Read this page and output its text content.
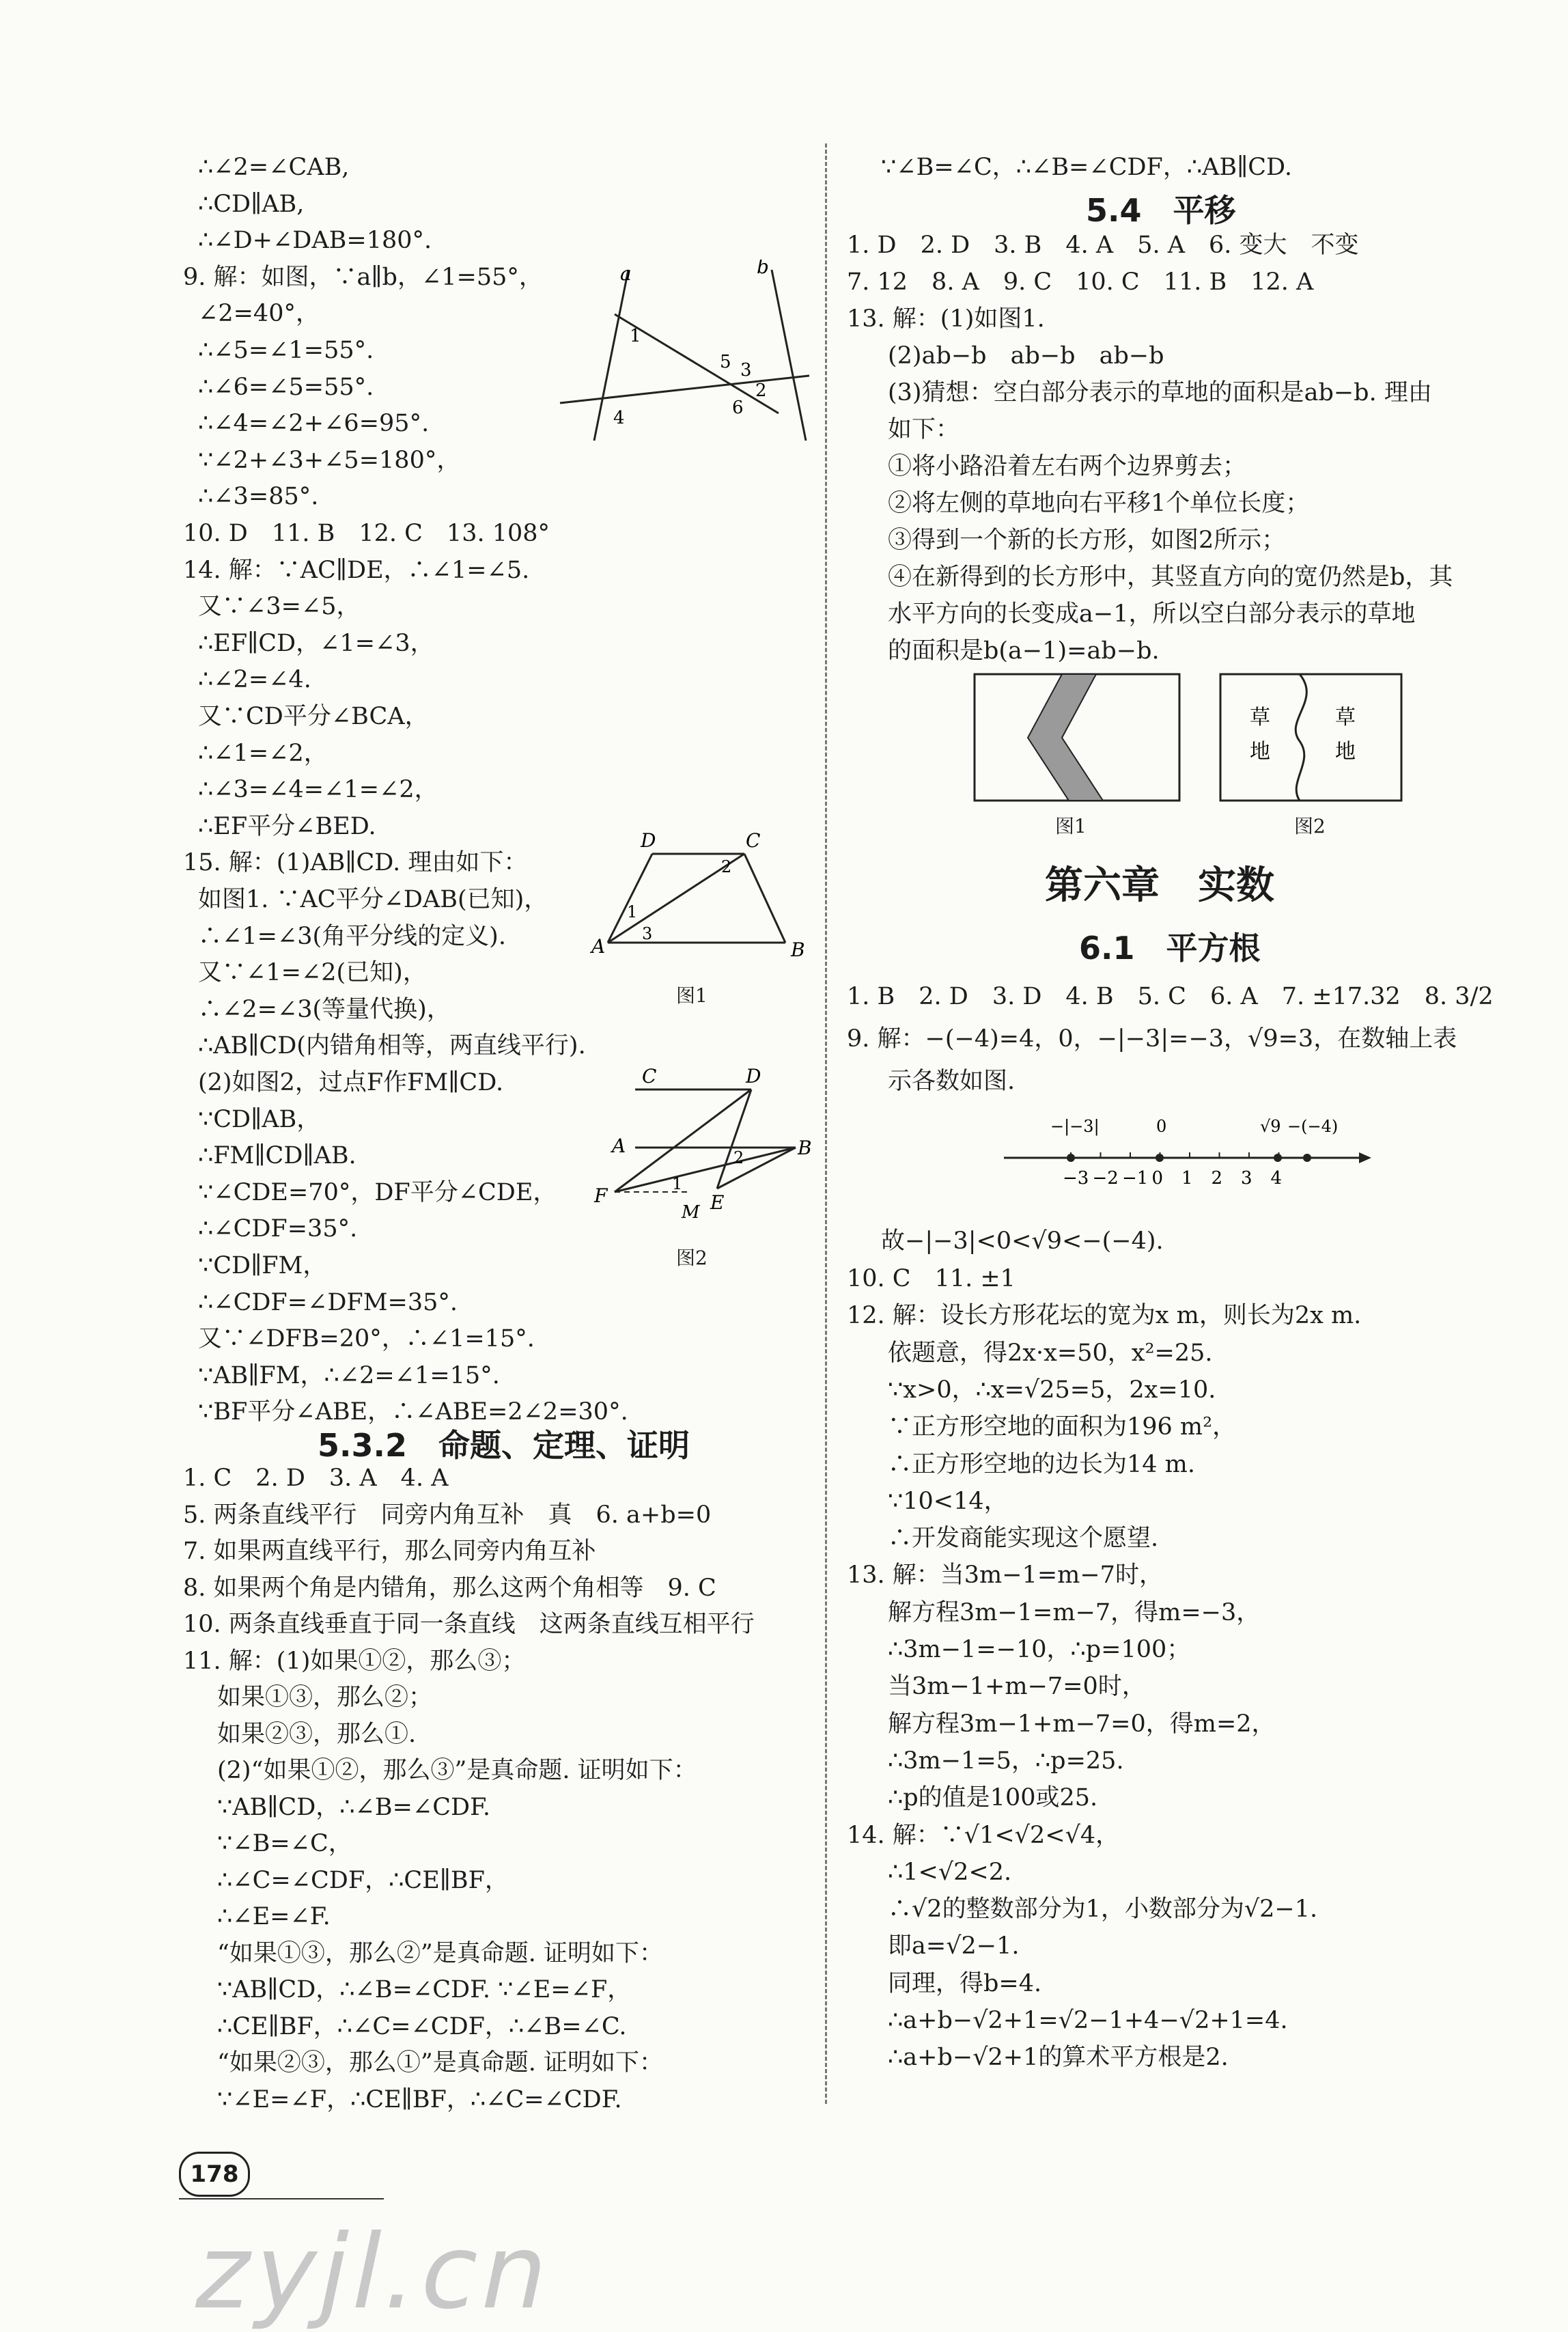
∴∠2=∠CAB,
∴CD∥AB,
∴∠D+∠DAB=180°.
9. 解：如图，∵a∥b，∠1=55°，
∠2=40°，
∴∠5=∠1=55°.
∴∠6=∠5=55°.
∴∠4=∠2+∠6=95°.
∵∠2+∠3+∠5=180°，
∴∠3=85°.
10. D　11. B　12. C　13. 108°
14. 解：∵AC∥DE，∴∠1=∠5.
又∵∠3=∠5，
∴EF∥CD，∠1=∠3，
∴∠2=∠4.
又∵CD平分∠BCA，
∴∠1=∠2，
∴∠3=∠4=∠1=∠2，
∴EF平分∠BED.
15. 解：(1)AB∥CD. 理由如下：
如图1. ∵AC平分∠DAB(已知)，
∴∠1=∠3(角平分线的定义).
又∵∠1=∠2(已知)，
∴∠2=∠3(等量代换)，
∴AB∥CD(内错角相等，两直线平行).
(2)如图2，过点F作FM∥CD.
∵CD∥AB，
∴FM∥CD∥AB.
∵∠CDE=70°，DF平分∠CDE，
∴∠CDF=35°.
∵CD∥FM，
∴∠CDF=∠DFM=35°.
又∵∠DFB=20°，∴∠1=15°.
∵AB∥FM，∴∠2=∠1=15°.
∵BF平分∠ABE，∴∠ABE=2∠2=30°.
1. C　2. D　3. A　4. A
5. 两条直线平行　同旁内角互补　真　6. a+b=0
7. 如果两直线平行，那么同旁内角互补
8. 如果两个角是内错角，那么这两个角相等　9. C
10. 两条直线垂直于同一条直线　这两条直线互相平行
11. 解：(1)如果①②，那么③；
如果①③，那么②；
如果②③，那么①.
(2)“如果①②，那么③”是真命题. 证明如下：
∵AB∥CD，∴∠B=∠CDF.
∵∠B=∠C，
∴∠C=∠CDF，∴CE∥BF，
∴∠E=∠F.
“如果①③，那么②”是真命题. 证明如下：
∵AB∥CD，∴∠B=∠CDF. ∵∠E=∠F，
∴CE∥BF，∴∠C=∠CDF，∴∠B=∠C.
“如果②③，那么①”是真命题. 证明如下：
∵∠E=∠F，∴CE∥BF，∴∠C=∠CDF.
∵∠B=∠C，∴∠B=∠CDF，∴AB∥CD.
1. D　2. D　3. B　4. A　5. A　6. 变大　不变
7. 12　8. A　9. C　10. C　11. B　12. A
13. 解：(1)如图1.
(2)ab−b　ab−b　ab−b
(3)猜想：空白部分表示的草地的面积是ab−b. 理由
如下：
①将小路沿着左右两个边界剪去；
②将左侧的草地向右平移1个单位长度；
③得到一个新的长方形，如图2所示；
④在新得到的长方形中，其竖直方向的宽仍然是b，其
水平方向的长变成a−1，所以空白部分表示的草地
的面积是b(a−1)=ab−b.
1. B　2. D　3. D　4. B　5. C　6. A　7. ±17.32　8. 3/2
9. 解：−(−4)=4，0，−|−3|=−3，√9=3，在数轴上表
示各数如图.
故−|−3|<0<√9<−(−4).
10. C　11. ±1
12. 解：设长方形花坛的宽为x m，则长为2x m.
依题意，得2x·x=50，x²=25.
∵x>0，∴x=√25=5，2x=10.
∵正方形空地的面积为196 m²，
∴正方形空地的边长为14 m.
∵10<14，
∴开发商能实现这个愿望.
13. 解：当3m−1=m−7时，
解方程3m−1=m−7，得m=−3，
∴3m−1=−10，∴p=100；
当3m−1+m−7=0时，
解方程3m−1+m−7=0，得m=2，
∴3m−1=5，∴p=25.
∴p的值是100或25.
14. 解：∵√1<√2<√4，
∴1<√2<2.
∴√2的整数部分为1，小数部分为√2−1.
即a=√2−1.
同理，得b=4.
∴a+b−√2+1=√2−1+4−√2+1=4.
∴a+b−√2+1的算术平方根是2.
5.3.2　命题、定理、证明
5.4　平移
第六章　实数
6.1　平方根
a	b
1
5 3
2
6
4
D	C
2
1
3
A	B
图1
D
C
A	B
2
F
1
E
M
图2
图1
草
地
草
地
图2
−3 −2 −1 0 1 2 3 4
−|−3|	0	√9 −(−4)
178
zyjl.cn
